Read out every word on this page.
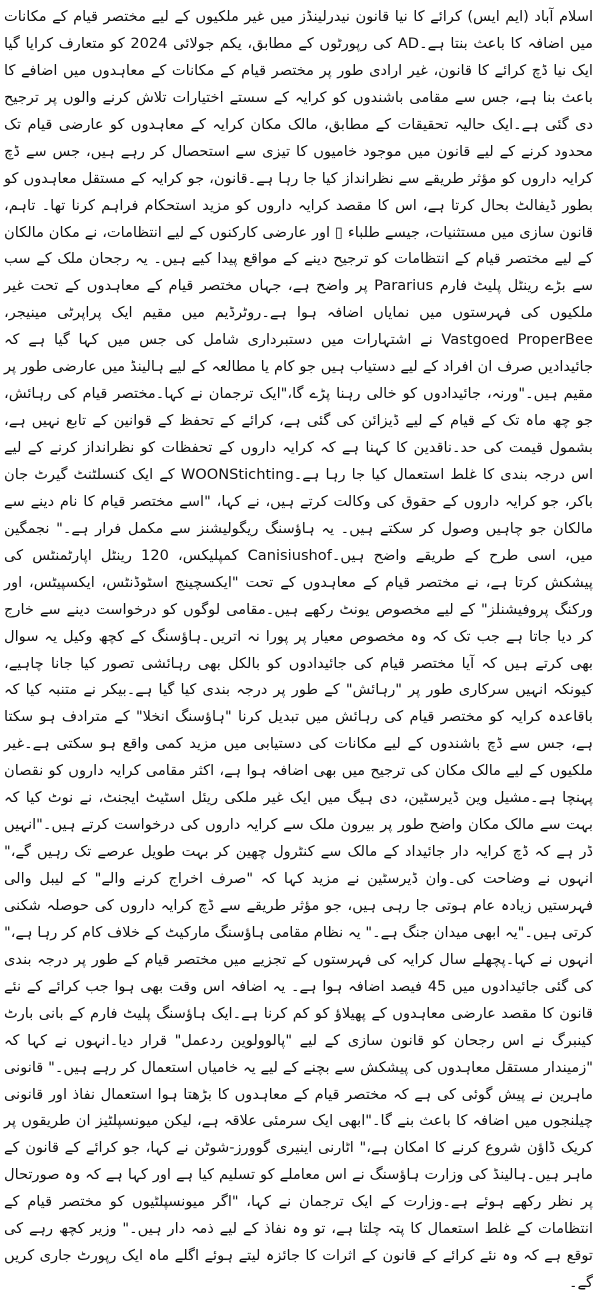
اسلام آباد (ایم ایس) کرائے کا نیا قانون نیدرلینڈز میں غیر ملکیوں کے لیے مختصر قیام کے مکانات میں اضافہ کا باعث بنتا ہے۔AD کی رپورٹوں کے مطابق، یکم جولائی 2024 کو متعارف کرایا گیا ایک نیا ڈچ کرائے کا قانون، غیر ارادی طور پر مختصر قیام کے مکانات کے معاہدوں میں اضافے کا باعث بنا ہے، جس سے مقامی باشندوں کو کرایہ کے سستے اختیارات تلاش کرنے والوں پر ترجیح دی گئی ہے۔ایک حالیہ تحقیقات کے مطابق، مالک مکان کرایہ کے معاہدوں کو عارضی قیام تک محدود کرنے کے لیے قانون میں موجود خامیوں کا تیزی سے استحصال کر رہے ہیں، جس سے ڈچ کرایہ داروں کو مؤثر طریقے سے نظرانداز کیا جا رہا ہے۔قانون، جو کرایہ کے مستقل معاہدوں کو بطور ڈیفالٹ بحال کرتا ہے، اس کا مقصد کرایہ داروں کو مزید استحکام فراہم کرنا تھا۔ تاہم، قانون سازی میں مستثنیات، جیسے طلباء ▯ اور عارضی کارکنوں کے لیے انتظامات، نے مکان مالکان کے لیے مختصر قیام کے انتظامات کو ترجیح دینے کے مواقع پیدا کیے ہیں۔ یہ رجحان ملک کے سب سے بڑے رینٹل پلیٹ فارم Pararius پر واضح ہے، جہاں مختصر قیام کے معاہدوں کے تحت غیر ملکیوں کی فہرستوں میں نمایاں اضافہ ہوا ہے۔روٹرڈیم میں مقیم ایک پراپرٹی مینیجر، Vastgoed ProperBee نے اشتہارات میں دستبرداری شامل کی جس میں کہا گیا ہے کہ جائیدادیں صرف ان افراد کے لیے دستیاب ہیں جو کام یا مطالعہ کے لیے ہالینڈ میں عارضی طور پر مقیم ہیں۔"ورنہ، جائیدادوں کو خالی رہنا پڑے گا،"ایک ترجمان نے کہا۔مختصر قیام کی رہائش، جو چھ ماہ تک کے قیام کے لیے ڈیزائن کی گئی ہے، کرائے کے تحفظ کے قوانین کے تابع نہیں ہے، بشمول قیمت کی حد۔ناقدین کا کہنا ہے کہ کرایہ داروں کے تحفظات کو نظرانداز کرنے کے لیے اس درجہ بندی کا غلط استعمال کیا جا رہا ہے۔WOONStichting کے ایک کنسلٹنٹ گیرٹ جان باکر، جو کرایہ داروں کے حقوق کی وکالت کرتے ہیں، نے کہا، "اسے مختصر قیام کا نام دینے سے مالکان جو چاہیں وصول کر سکتے ہیں۔ یہ ہاؤسنگ ریگولیشنز سے مکمل فرار ہے۔" نجمگین میں، اسی طرح کے طریقے واضح ہیں۔Canisiushof کمپلیکس، 120 رینٹل اپارٹمنٹس کی پیشکش کرتا ہے، نے مختصر قیام کے معاہدوں کے تحت "ایکسچینج اسٹوڈنٹس، ایکسپیٹس، اور ورکنگ پروفیشنلز" کے لیے مخصوص یونٹ رکھے ہیں۔مقامی لوگوں کو درخواست دینے سے خارج کر دیا جاتا ہے جب تک کہ وہ مخصوص معیار پر پورا نہ اتریں۔ہاؤسنگ کے کچھ وکیل یہ سوال بھی کرتے ہیں کہ آیا مختصر قیام کی جائیدادوں کو بالکل بھی رہائشی تصور کیا جانا چاہیے، کیونکہ انہیں سرکاری طور پر "رہائش" کے طور پر درجہ بندی کیا گیا ہے۔بیکر نے متنبہ کیا کہ باقاعدہ کرایہ کو مختصر قیام کی رہائش میں تبدیل کرنا "ہاؤسنگ انخلا" کے مترادف ہو سکتا ہے، جس سے ڈچ باشندوں کے لیے مکانات کی دستیابی میں مزید کمی واقع ہو سکتی ہے۔غیر ملکیوں کے لیے مالک مکان کی ترجیح میں بھی اضافہ ہوا ہے، اکثر مقامی کرایہ داروں کو نقصان پہنچا ہے۔مشیل وین ڈیرسٹین، دی ہیگ میں ایک غیر ملکی ریئل اسٹیٹ ایجنٹ، نے نوٹ کیا کہ بہت سے مالک مکان واضح طور پر بیرون ملک سے کرایہ داروں کی درخواست کرتے ہیں۔"انہیں ڈر ہے کہ ڈچ کرایہ دار جائیداد کے مالک سے کنٹرول چھین کر بہت طویل عرصے تک رہیں گے،" انہوں نے وضاحت کی۔وان ڈیرسٹین نے مزید کہا کہ "صرف اخراج کرنے والے" کے لیبل والی فہرستیں زیادہ عام ہوتی جا رہی ہیں، جو مؤثر طریقے سے ڈچ کرایہ داروں کی حوصلہ شکنی کرتی ہیں۔"یہ ابھی میدان جنگ ہے۔" یہ نظام مقامی ہاؤسنگ مارکیٹ کے خلاف کام کر رہا ہے،" انہوں نے کہا۔پچھلے سال کرایہ کی فہرستوں کے تجزیے میں مختصر قیام کے طور پر درجہ بندی کی گئی جائیدادوں میں 45 فیصد اضافہ ہوا ہے۔ یہ اضافہ اس وقت بھی ہوا جب کرائے کے نئے قانون کا مقصد عارضی معاہدوں کے پھیلاؤ کو کم کرنا ہے۔ایک ہاؤسنگ پلیٹ فارم کے بانی بارٹ کینبرگ نے اس رجحان کو قانون سازی کے لیے "پالوولوین ردعمل" قرار دیا۔انہوں نے کہا کہ "زمیندار مستقل معاہدوں کی پیشکش سے بچنے کے لیے یہ خامیاں استعمال کر رہے ہیں۔" قانونی ماہرین نے پیش گوئی کی ہے کہ مختصر قیام کے معاہدوں کا بڑھتا ہوا استعمال نفاذ اور قانونی چیلنجوں میں اضافہ کا باعث بنے گا۔"ابھی ایک سرمئی علاقہ ہے، لیکن میونسپلٹیز ان طریقوں پر کریک ڈاؤن شروع کرنے کا امکان ہے،" اٹارنی اینیری گوورز-شوٹن نے کہا، جو کرائے کے قانون کے ماہر ہیں۔ہالینڈ کی وزارت ہاؤسنگ نے اس معاملے کو تسلیم کیا ہے اور کہا ہے کہ وہ صورتحال پر نظر رکھے ہوئے ہے۔وزارت کے ایک ترجمان نے کہا، "اگر میونسپلٹیوں کو مختصر قیام کے انتظامات کے غلط استعمال کا پتہ چلتا ہے، تو وہ نفاذ کے لیے ذمہ دار ہیں۔" وزیر کچھ رہے کی توقع ہے کہ وہ نئے کرائے کے قانون کے اثرات کا جائزہ لیتے ہوئے اگلے ماہ ایک رپورٹ جاری کریں گے۔
